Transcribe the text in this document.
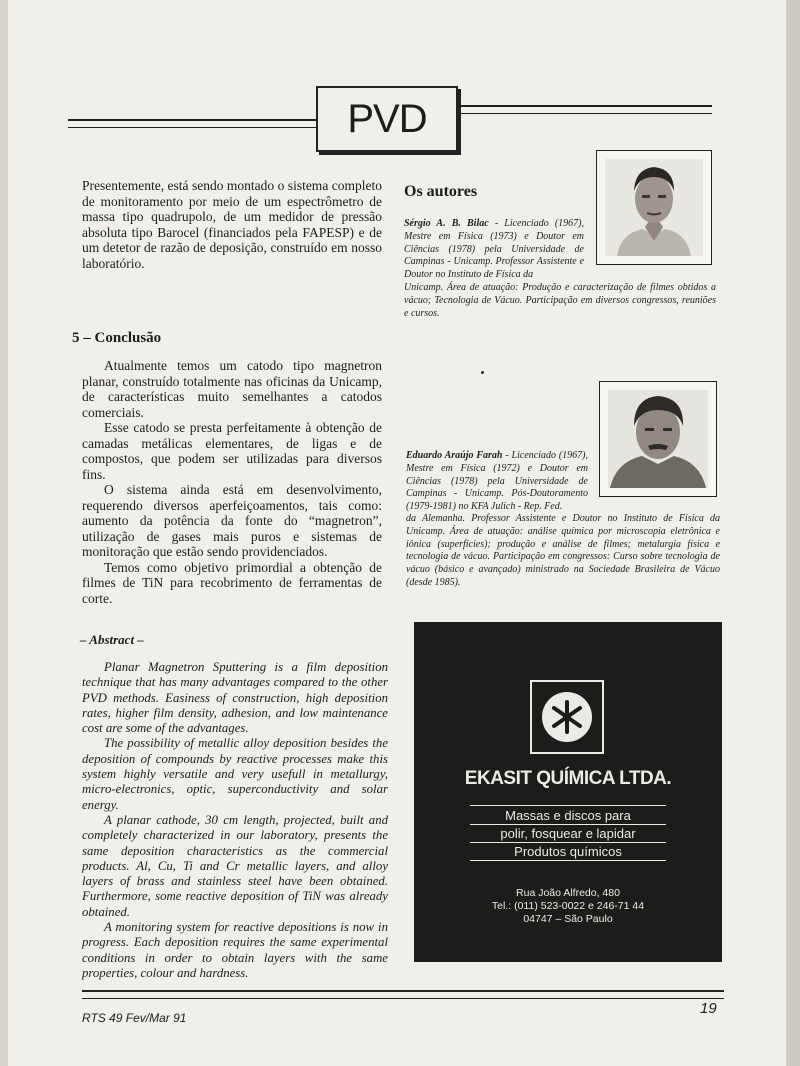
PVD

Presentemente, está sendo montado o sistema completo de monitoramento por meio de um espectrômetro de massa tipo quadrupolo, de um medidor de pressão absoluta tipo Barocel (financiados pela FAPESP) e de um detetor de razão de deposição, construído em nosso laboratório.

5 – Conclusão

Atualmente temos um catodo tipo magnetron planar, construído totalmente nas oficinas da Unicamp, de características muito semelhantes a catodos comerciais.

Esse catodo se presta perfeitamente à obtenção de camadas metálicas elementares, de ligas e de compostos, que podem ser utilizadas para diversos fins.

O sistema ainda está em desenvolvimento, requerendo diversos aperfeiçoamentos, tais como: aumento da potência da fonte do “magnetron”, utilização de gases mais puros e sistemas de monitoração que estão sendo providenciados.

Temos como objetivo primordial a obtenção de filmes de TiN para recobrimento de ferramentas de corte.

Os autores
Sérgio A. B. Bilac - Licenciado (1967), Mestre em Física (1973) e Doutor em Ciências (1978) pela Universidade de Campinas - Unicamp. Professor Assistente e Doutor no Instituto de Física da
Unicamp. Área de atuação: Produção e caracterização de filmes obtidos a vácuo; Tecnologia de Vácuo. Participação em diversos congressos, reuniões e cursos.
Eduardo Araújo Farah - Licenciado (1967), Mestre em Física (1972) e Doutor em Ciências (1978) pela Universidade de Campinas - Unicamp. Pós-Doutoramento (1979-1981) no KFA Julich - Rep. Fed.
da Alemanha. Professor Assistente e Doutor no Instituto de Física da Unicamp. Área de atuação: análise química por microscopia eletrônica e iônica (superfícies); produção e análise de filmes; metalurgia física e tecnologia de vácuo. Participação em congressos: Curso sobre tecnologia de vácuo (básico e avançado) ministrado na Sociedade Brasileira de Vácuo (desde 1985).
– Abstract –

Planar Magnetron Sputtering is a film deposition technique that has many advantages compared to the other PVD methods. Easiness of construction, high deposition rates, higher film density, adhesion, and low maintenance cost are some of the advantages.

The possibility of metallic alloy deposition besides the deposition of compounds by reactive processes make this system highly versatile and very usefull in metallurgy, micro-electronics, optic, superconductivity and solar energy.

A planar cathode, 30 cm length, projected, built and completely characterized in our laboratory, presents the same deposition characteristics as the commercial products. Al, Cu, Ti and Cr metallic layers, and alloy layers of brass and stainless steel have been obtained. Furthermore, some reactive deposition of TiN was already obtained.

A monitoring system for reactive depositions is now in progress. Each deposition requires the same experimental conditions in order to obtain layers with the same properties, colour and hardness.

EKASIT QUÍMICA LTDA.
Massas e discos para
polir, fosquear e lapidar
Produtos químicos
Rua João Alfredo, 480
Tel.: (011) 523-0022 e 246-71 44
04747 – São Paulo
RTS 49 Fev/Mar 91
19
